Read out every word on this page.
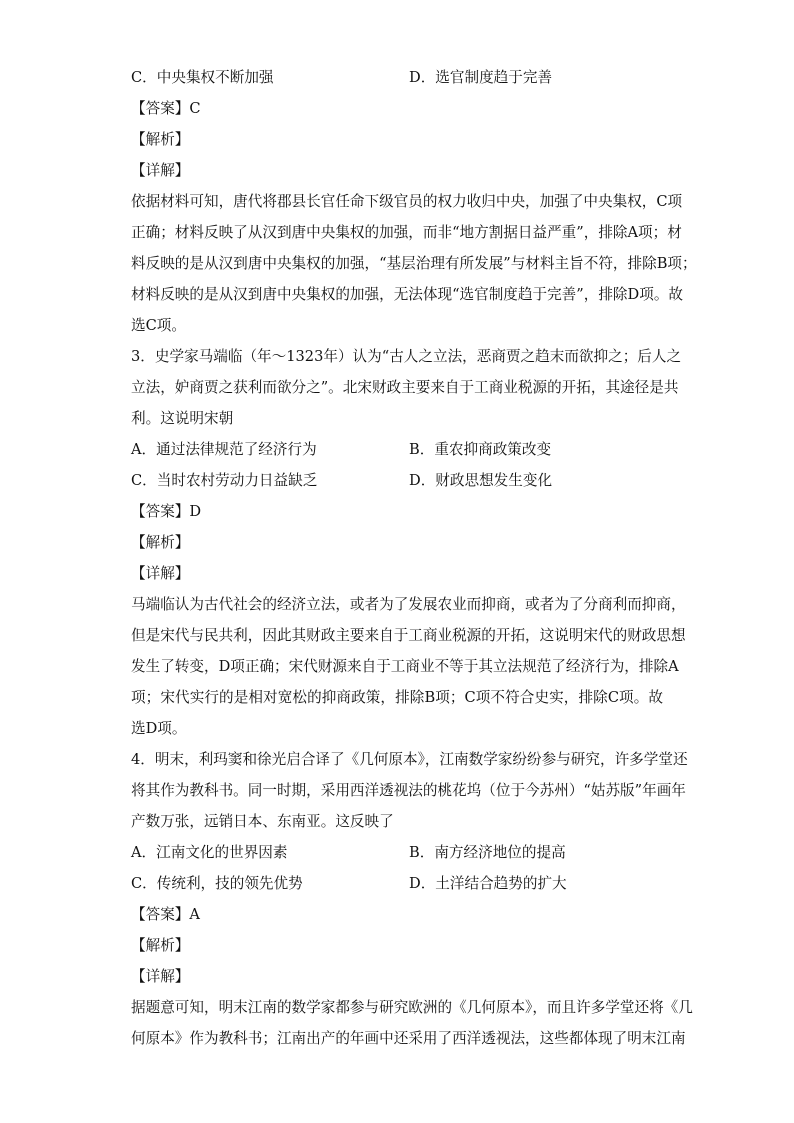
C．中央集权不断加强	D．选官制度趋于完善
【答案】C
【解析】
【详解】
依据材料可知，唐代将郡县长官任命下级官员的权力收归中央，加强了中央集权，C项
正确；材料反映了从汉到唐中央集权的加强，而非“地方割据日益严重”，排除A项；材
料反映的是从汉到唐中央集权的加强，“基层治理有所发展”与材料主旨不符，排除B项；
材料反映的是从汉到唐中央集权的加强，无法体现“选官制度趋于完善”，排除D项。故
选C项。
3．史学家马端临（年～1323年）认为“古人之立法，恶商贾之趋末而欲抑之；后人之
立法，妒商贾之获利而欲分之”。北宋财政主要来自于工商业税源的开拓，其途径是共
利。这说明宋朝
A．通过法律规范了经济行为	B．重农抑商政策改变
C．当时农村劳动力日益缺乏	D．财政思想发生变化
【答案】D
【解析】
【详解】
马端临认为古代社会的经济立法，或者为了发展农业而抑商，或者为了分商利而抑商，
但是宋代与民共利，因此其财政主要来自于工商业税源的开拓，这说明宋代的财政思想
发生了转变，D项正确；宋代财源来自于工商业不等于其立法规范了经济行为，排除A
项；宋代实行的是相对宽松的抑商政策，排除B项；C项不符合史实，排除C项。故
选D项。
4．明末，利玛窦和徐光启合译了《几何原本》，江南数学家纷纷参与研究，许多学堂还
将其作为教科书。同一时期，采用西洋透视法的桃花坞（位于今苏州）“姑苏版”年画年
产数万张，远销日本、东南亚。这反映了
A．江南文化的世界因素	B．南方经济地位的提高
C．传统利，技的领先优势	D．土洋结合趋势的扩大
【答案】A
【解析】
【详解】
据题意可知，明末江南的数学家都参与研究欧洲的《几何原本》，而且许多学堂还将《几
何原本》作为教科书；江南出产的年画中还采用了西洋透视法，这些都体现了明末江南
